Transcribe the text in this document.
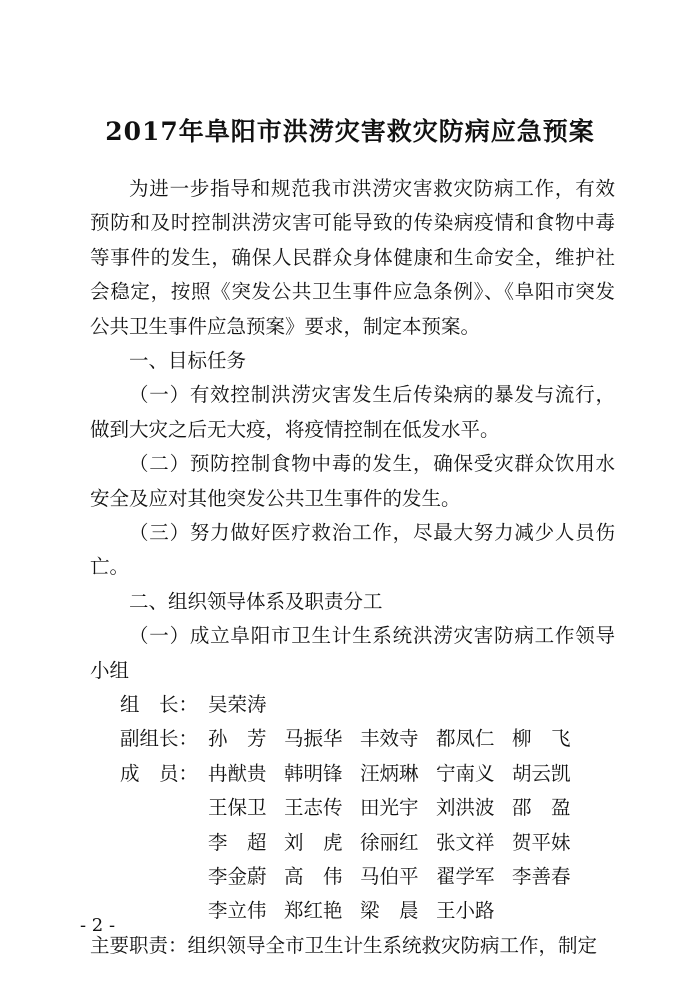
2017年阜阳市洪涝灾害救灾防病应急预案

为进一步指导和规范我市洪涝灾害救灾防病工作，有效预防和及时控制洪涝灾害可能导致的传染病疫情和食物中毒等事件的发生，确保人民群众身体健康和生命安全，维护社会稳定，按照《突发公共卫生事件应急条例》、《阜阳市突发公共卫生事件应急预案》要求，制定本预案。

一、目标任务

（一）有效控制洪涝灾害发生后传染病的暴发与流行，做到大灾之后无大疫，将疫情控制在低发水平。

（二）预防控制食物中毒的发生，确保受灾群众饮用水安全及应对其他突发公共卫生事件的发生。

（三）努力做好医疗救治工作，尽最大努力减少人员伤亡。

二、组织领导体系及职责分工

（一）成立阜阳市卫生计生系统洪涝灾害防病工作领导小组

组　长： 吴荣涛
副组长： 孙　芳 马振华 丰效寺 都凤仁 柳　飞
成　员： 冉猷贵 韩明锋 汪炳琳 宁南义 胡云凯
王保卫 王志传 田光宇 刘洪波 邵　盈
李　超 刘　虎 徐丽红 张文祥 贺平妹
李金蔚 高　伟 马伯平 翟学军 李善春
李立伟 郑红艳 梁　晨 王小路

主要职责：组织领导全市卫生计生系统救灾防病工作，制定

- 2 -
